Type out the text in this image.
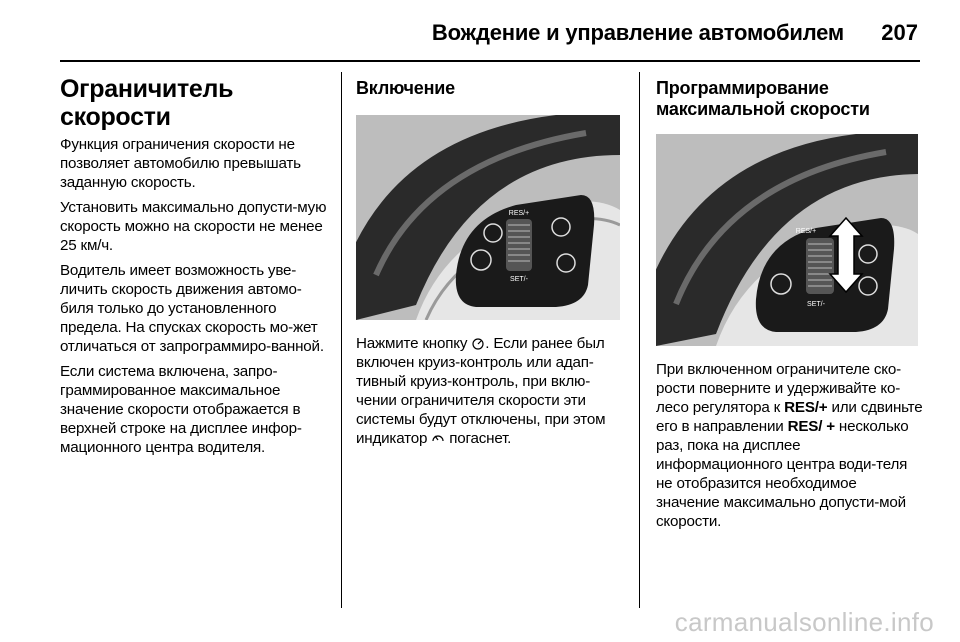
Вождение и управление автомобилем 207
Ограничитель скорости

Функция ограничения скорости не позволяет автомобилю превышать заданную скорость.

Установить максимально допусти-мую скорость можно на скорости не менее 25 км/ч.

Водитель имеет возможность уве-личить скорость движения автомо-биля только до установленного предела. На спусках скорость мо-жет отличаться от запрограммиро-ванной.

Если система включена, запро-граммированное максимальное значение скорости отображается в верхней строке на дисплее инфор-мационного центра водителя.

Включение
RES/+
SET/-

Нажмите кнопку . Если ранее был включен круиз-контроль или адап-тивный круиз-контроль, при вклю-чении ограничителя скорости эти системы будут отключены, при этом индикатор  погаснет.

Программирование
максимальной скорости
RES/+
SET/-

При включенном ограничителе ско-рости поверните и удерживайте ко-лесо регулятора к RES/+ или сдвиньте его в направлении RES/ + несколько раз, пока на дисплее информационного центра води-теля не отобразится необходимое значение максимально допусти-мой скорости.

carmanualsonline.info
